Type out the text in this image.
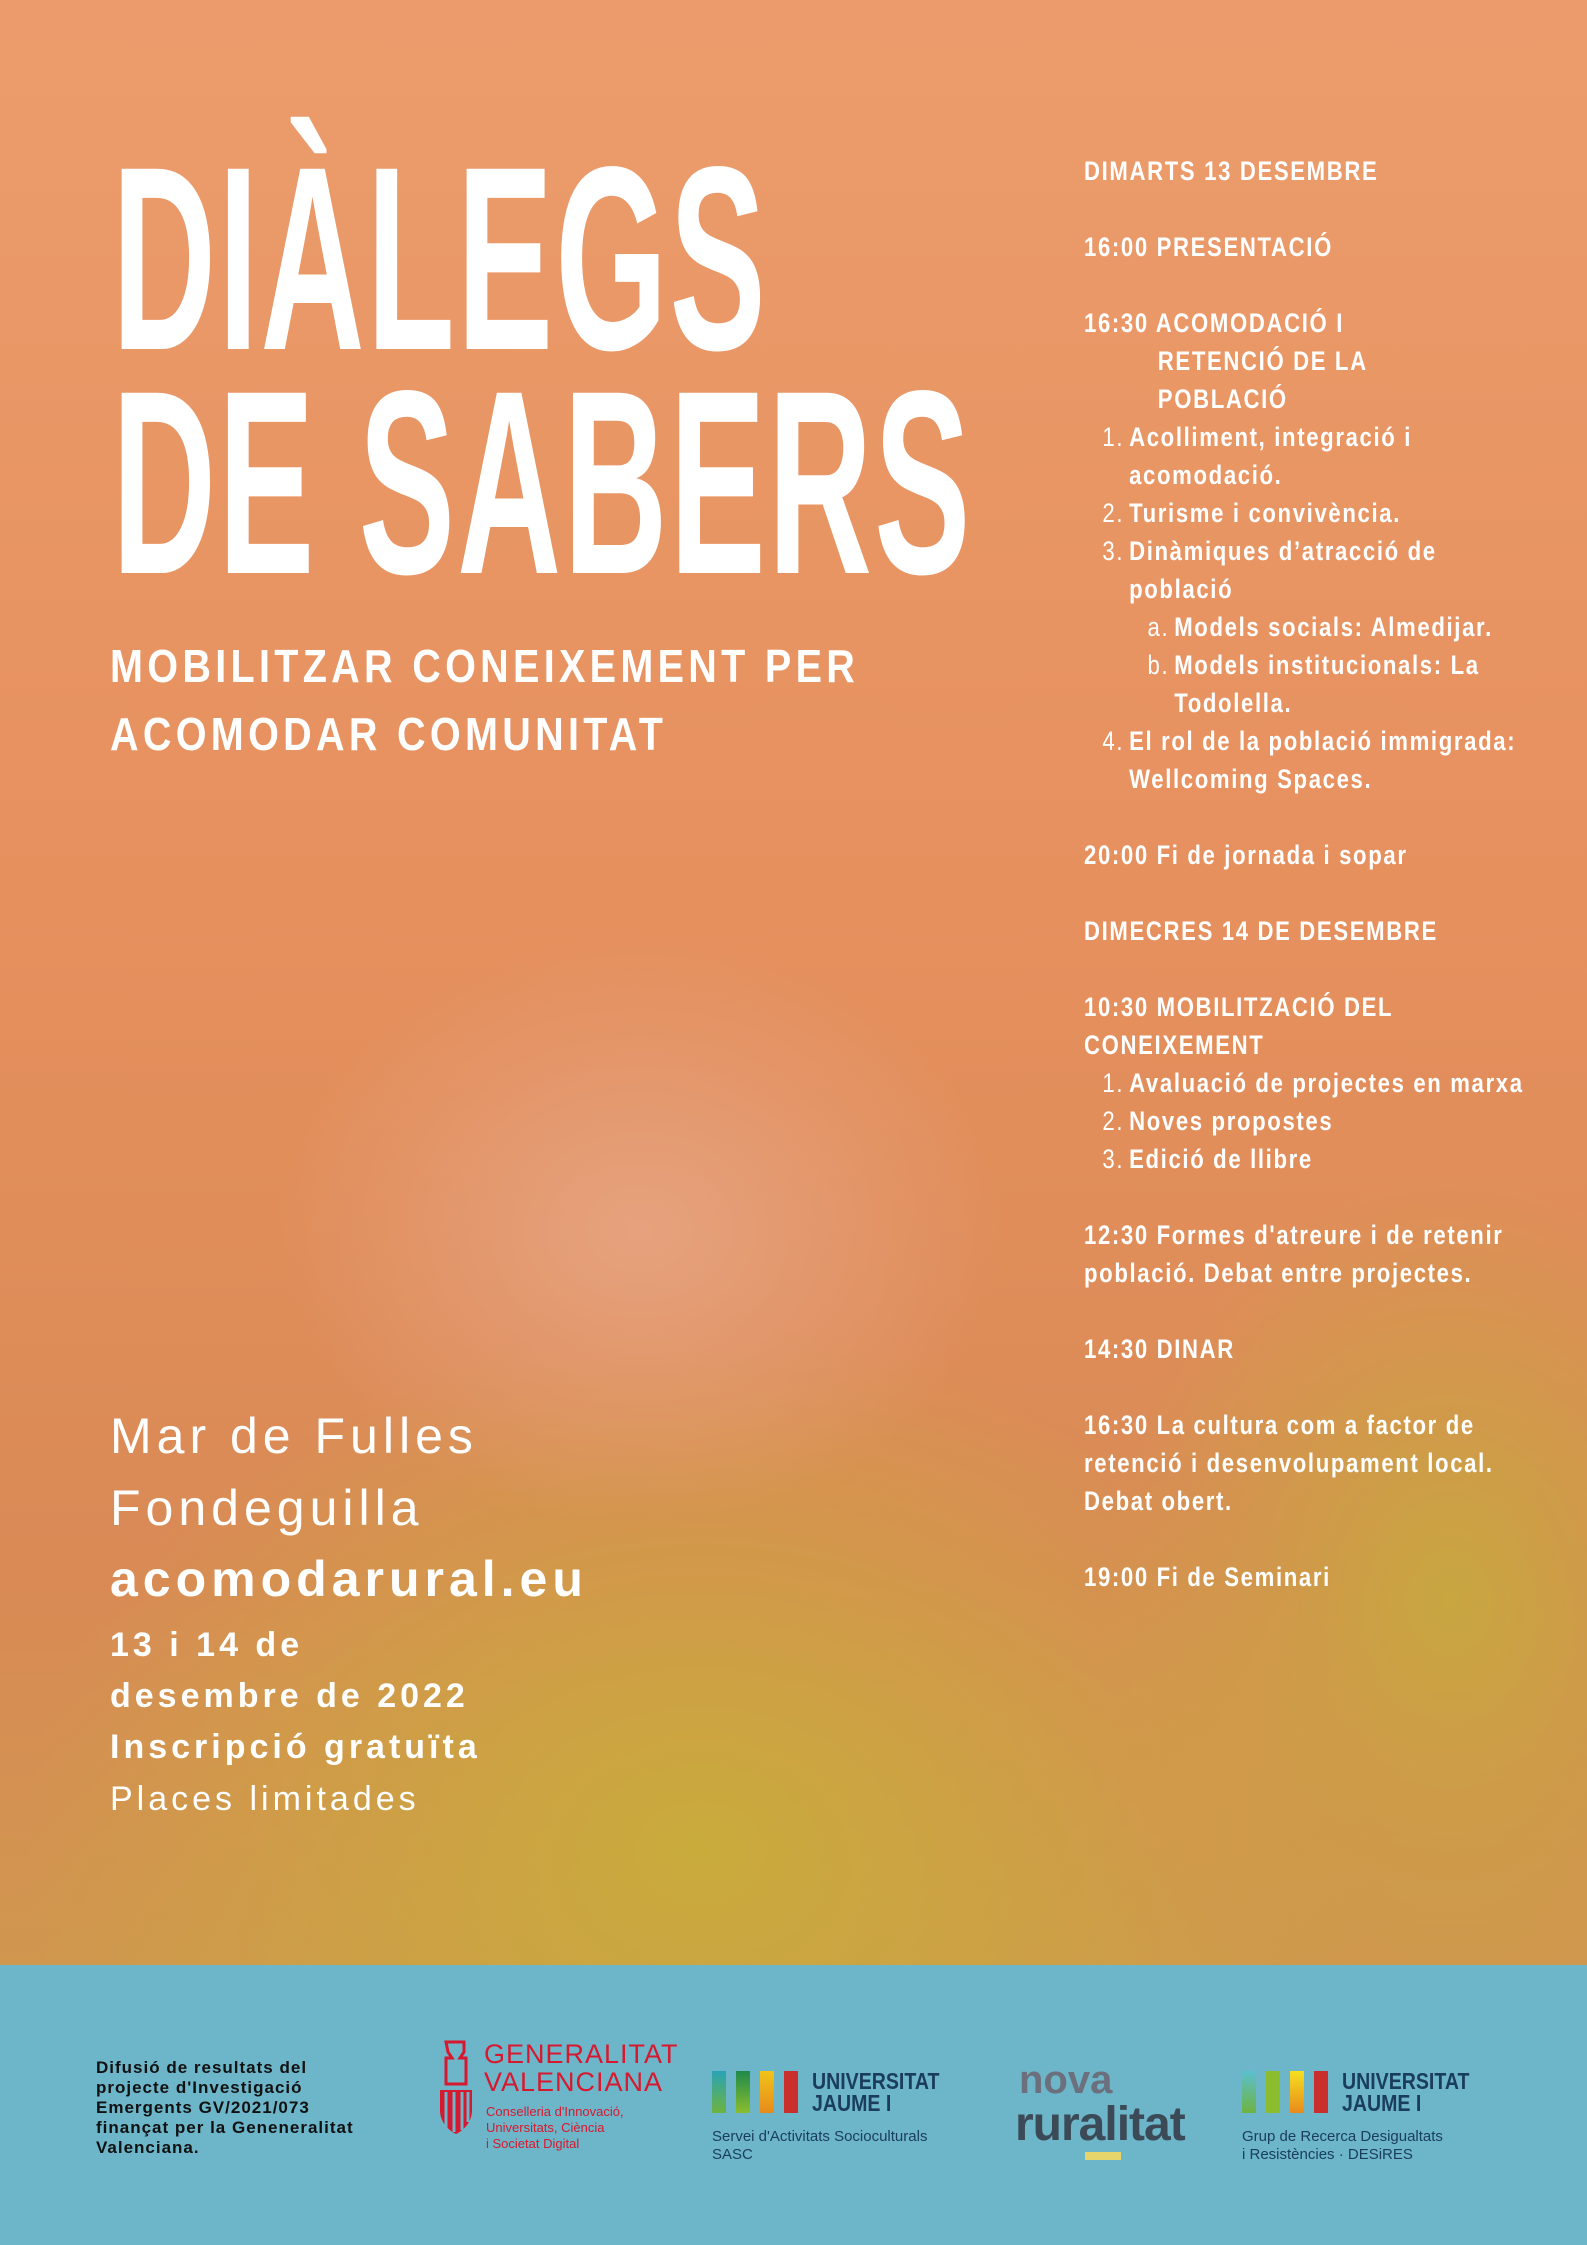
DIÀLEGS
DE SABERS
MOBILITZAR CONEIXEMENT PER
ACOMODAR COMUNITAT
DIMARTS 13 DESEMBRE
16:00 PRESENTACIÓ
16:30 ACOMODACIÓ I
RETENCIÓ DE LA
POBLACIÓ
1. Acolliment, integració i acomodació.
2. Turisme i convivència.
3. Dinàmiques d’atracció de població
a. Models socials: Almedijar.
b. Models institucionals: La Todolella.
4. El rol de la població immigrada: Wellcoming Spaces.
20:00 Fi de jornada i sopar
DIMECRES 14 DE DESEMBRE
10:30 MOBILITZACIÓ DEL CONEIXEMENT
1. Avaluació de projectes en marxa
2. Noves propostes
3. Edició de llibre
12:30 Formes d'atreure i de retenir població. Debat entre projectes.
14:30 DINAR
16:30 La cultura com a factor de retenció i desenvolupament local. Debat obert.
19:00 Fi de Seminari
Mar de Fulles
Fondeguilla
acomodarural.eu
13 i 14 de
desembre de 2022
Inscripció gratuïta
Places limitades
Difusió de resultats del
projecte d'Investigació
Emergents GV/2021/073
finançat per la Geneneralitat
Valenciana.
GENERALITAT
VALENCIANA
Conselleria d'Innovació,
Universitats, Ciència
i Societat Digital
UNIVERSITAT
JAUME I
Servei d'Activitats Socioculturals
SASC
nova
ruralitat
UNIVERSITAT
JAUME I
Grup de Recerca Desigualtats
i Resistències · DESiRES
